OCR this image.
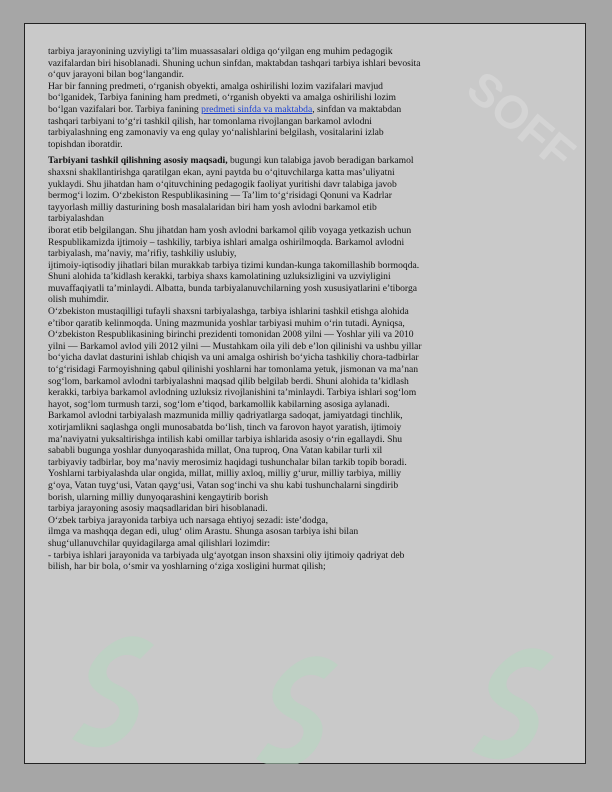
SOFF
tarbiya jarayonining uzviyligi ta’lim muassasalari oldiga qo‘yilgan eng muhim pedagogik
vazifalardan biri hisoblanadi. Shuning uchun sinfdan, maktabdan tashqari tarbiya ishlari bevosita
o‘quv jarayoni bilan bog‘langandir.
Har bir fanning predmeti, o‘rganish obyekti, amalga oshirilishi lozim vazifalari mavjud
bo‘lganidek, Tarbiya fanining ham predmeti, o‘rganish obyekti va amalga oshirilishi lozim
bo‘lgan vazifalari bor. Tarbiya fanining predmeti sinfda va maktabda, sinfdan va maktabdan
tashqari tarbiyani to‘g‘ri tashkil qilish, har tomonlama rivojlangan barkamol avlodni
tarbiyalashning eng zamonaviy va eng qulay yo‘nalishlarini belgilash, vositalarini izlab
topishdan iboratdir.
Tarbiyani tashkil qilishning asosiy maqsadi, bugungi kun talabiga javob beradigan barkamol
shaxsni shakllantirishga qaratilgan ekan, ayni paytda bu o‘qituvchilarga katta mas’uliyatni
yuklaydi. Shu jihatdan ham o‘qituvchining pedagogik faoliyat yuritishi davr talabiga javob
bermog‘i lozim. O‘zbekiston Respublikasining — Ta’lim to‘g‘risidagi Qonuni va Kadrlar
tayyorlash milliy dasturining bosh masalalaridan biri ham yosh avlodni barkamol etib
tarbiyalashdan
iborat etib belgilangan. Shu jihatdan ham yosh avlodni barkamol qilib voyaga yetkazish uchun
Respublikamizda ijtimoiy – tashkiliy, tarbiya ishlari amalga oshirilmoqda. Barkamol avlodni
tarbiyalash, ma’naviy, ma’rifiy, tashkiliy uslubiy,
ijtimoiy-iqtisodiy jihatlari bilan murakkab tarbiya tizimi kundan-kunga takomillashib bormoqda.
Shuni alohida ta’kidlash kerakki, tarbiya shaxs kamolatining uzluksizligini va uzviyligini
muvaffaqiyatli ta’minlaydi. Albatta, bunda tarbiyalanuvchilarning yosh xususiyatlarini e’tiborga
olish muhimdir.
O‘zbekiston mustaqilligi tufayli shaxsni tarbiyalashga, tarbiya ishlarini tashkil etishga alohida
e’tibor qaratib kelinmoqda. Uning mazmunida yoshlar tarbiyasi muhim o‘rin tutadi. Ayniqsa,
O‘zbekiston Respublikasining birinchi prezidenti tomonidan 2008 yilni — Yoshlar yili va 2010
yilni — Barkamol avlod yili 2012 yilni — Mustahkam oila yili deb e’lon qilinishi va ushbu yillar
bo‘yicha davlat dasturini ishlab chiqish va uni amalga oshirish bo‘yicha tashkiliy chora-tadbirlar
to‘g‘risidagi Farmoyishning qabul qilinishi yoshlarni har tomonlama yetuk, jismonan va ma’nan
sog‘lom, barkamol avlodni tarbiyalashni maqsad qilib belgilab berdi. Shuni alohida ta’kidlash
kerakki, tarbiya barkamol avlodning uzluksiz rivojlanishini ta’minlaydi. Tarbiya ishlari sog‘lom
hayot, sog‘lom turmush tarzi, sog‘lom e’tiqod, barkamollik kabilarning asosiga aylanadi.
Barkamol avlodni tarbiyalash mazmunida milliy qadriyatlarga sadoqat, jamiyatdagi tinchlik,
xotirjamlikni saqlashga ongli munosabatda bo‘lish, tinch va farovon hayot yaratish, ijtimoiy
ma’naviyatni yuksaltirishga intilish kabi omillar tarbiya ishlarida asosiy o‘rin egallaydi. Shu
sababli bugunga yoshlar dunyoqarashida millat, Ona tuproq, Ona Vatan kabilar turli xil
tarbiyaviy tadbirlar, boy ma’naviy merosimiz haqidagi tushunchalar bilan tarkib topib boradi.
Yoshlarni tarbiyalashda ular ongida, millat, milliy axloq, milliy g‘urur, milliy tarbiya, milliy
g‘oya, Vatan tuyg‘usi, Vatan qayg‘usi, Vatan sog‘inchi va shu kabi tushunchalarni singdirib
borish, ularning milliy dunyoqarashini kengaytirib borish
tarbiya jarayoning asosiy maqsadlaridan biri hisoblanadi.
O‘zbek tarbiya jarayonida tarbiya uch narsaga ehtiyoj sezadi: iste’dodga,
ilmga va mashqqa degan edi, ulug‘ olim Arastu. Shunga asosan tarbiya ishi bilan
shug‘ullanuvchilar quyidagilarga amal qilishlari lozimdir:
- tarbiya ishlari jarayonida va tarbiyada ulg‘ayotgan inson shaxsini oliy ijtimoiy qadriyat deb
bilish, har bir bola, o‘smir va yoshlarning o‘ziga xosligini hurmat qilish;
